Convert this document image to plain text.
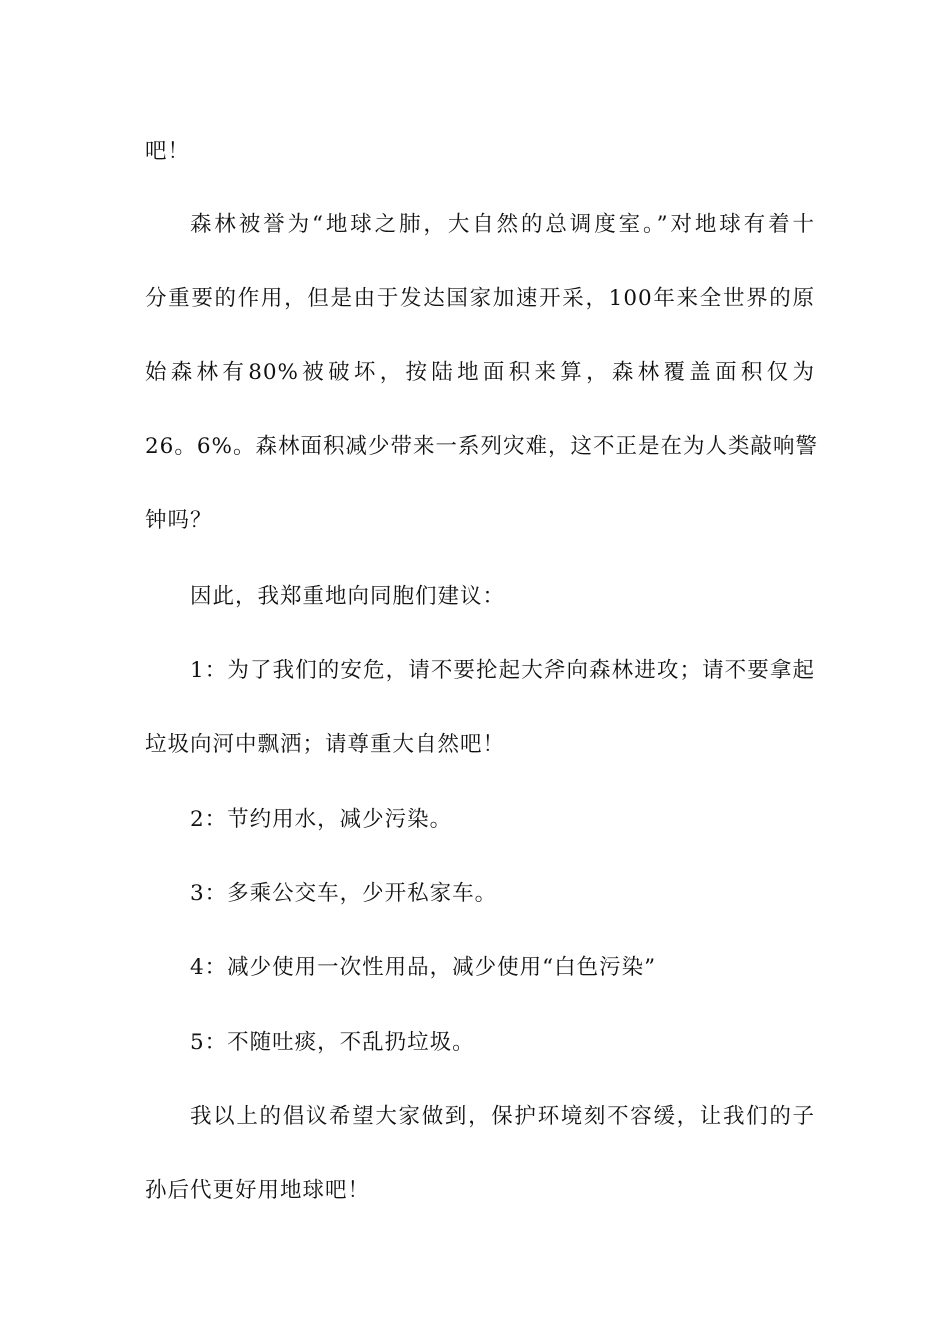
吧！
森林被誉为“地球之肺，大自然的总调度室。”对地球有着十
分重要的作用，但是由于发达国家加速开采，100年来全世界的原
始森林有80%被破坏，按陆地面积来算，森林覆盖面积仅为
26。6%。森林面积减少带来一系列灾难，这不正是在为人类敲响警
钟吗？
因此，我郑重地向同胞们建议：
1：为了我们的安危，请不要抡起大斧向森林进攻；请不要拿起
垃圾向河中飘洒；请尊重大自然吧！
2：节约用水，减少污染。
3：多乘公交车，少开私家车。
4：减少使用一次性用品，减少使用“白色污染”
5：不随吐痰，不乱扔垃圾。
我以上的倡议希望大家做到，保护环境刻不容缓，让我们的子
孙后代更好用地球吧！
